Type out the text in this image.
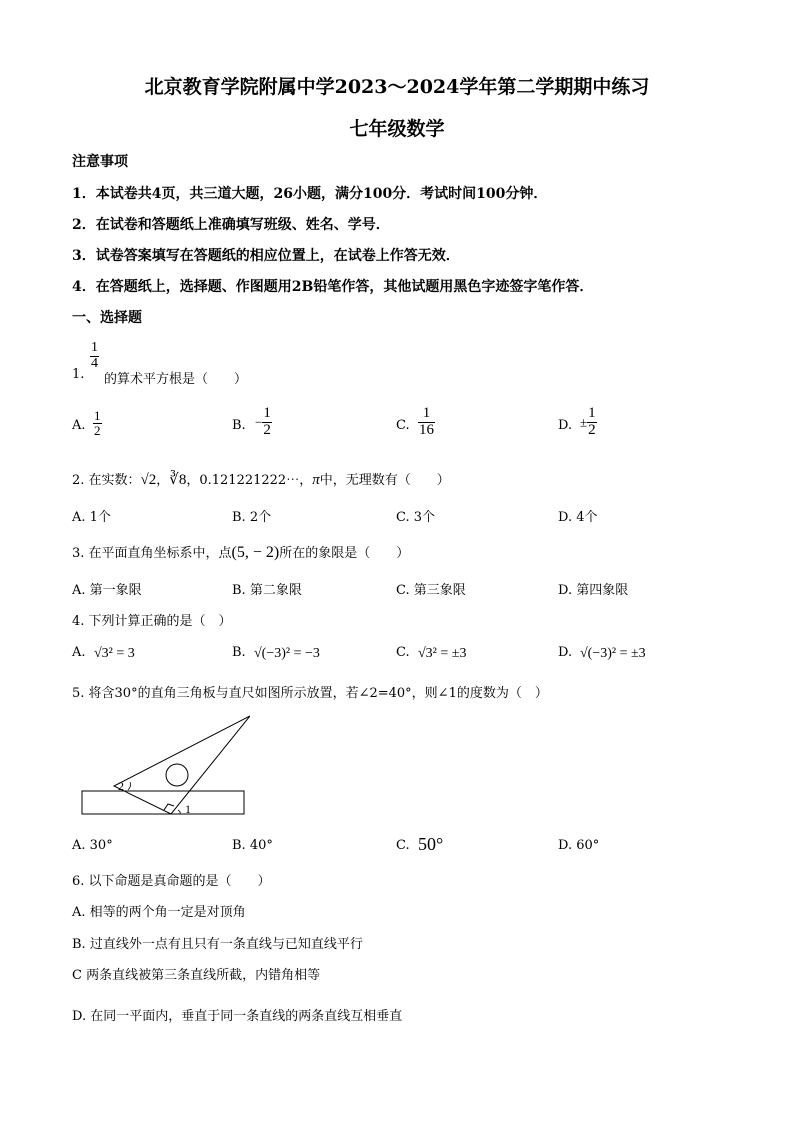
北京教育学院附属中学2023～2024学年第二学期期中练习
七年级数学
注意事项
1．本试卷共4页，共三道大题，26小题，满分100分．考试时间100分钟．
2．在试卷和答题纸上准确填写班级、姓名、学号．
3．试卷答案填写在答题纸的相应位置上，在试卷上作答无效．
4．在答题纸上，选择题、作图题用2B铅笔作答，其他试题用黑色字迹签字笔作答．
一、选择题
1.
$\frac{1}{4}$
的算术平方根是（　　）
A. $\frac{1}{2}$	B. − $\frac{1}{2}$	C. $\frac{1}{16}$	D. ± $\frac{1}{2}$
2. 在实数：√2，∛8，0.121221222⋯，π中，无理数有（　　）
A. 1个	B. 2个	C. 3个	D. 4个
3. 在平面直角坐标系中，点(5, − 2)所在的象限是（　　）
A. 第一象限	B. 第二象限	C. 第三象限	D. 第四象限
4. 下列计算正确的是（　）
A. √3² = 3	B. √(−3)² = −3	C. √3² = ±3	D. √(−3)² = ±3
5. 将含30°的直角三角板与直尺如图所示放置，若∠2=40°，则∠1的度数为（　）
2
1
A. 30°	B. 40°	C. 50°	D. 60°
6. 以下命题是真命题的是（　　）
A. 相等的两个角一定是对顶角
B. 过直线外一点有且只有一条直线与已知直线平行
C 两条直线被第三条直线所截，内错角相等
D. 在同一平面内，垂直于同一条直线的两条直线互相垂直
